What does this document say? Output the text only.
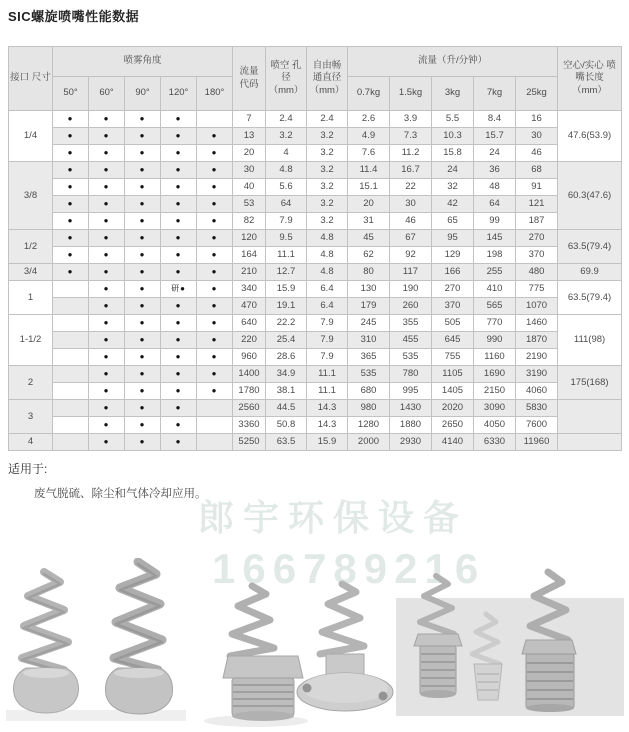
SIC螺旋喷嘴性能数据
接口 尺寸	喷雾角度					流量 代码	喷空 孔径 （mm）	自由畅 通直径 （mm）	流量（升/分钟）					空心/实心 喷嘴长度 （mm）
	50°	60°	90°	120°	180°				0.7kg	1.5kg	3kg	7kg	25kg	
1/4	●	●	●	●		7	2.4	2.4	2.6	3.9	5.5	8.4	16	47.6(53.9)
	●	●	●	●	●	13	3.2	3.2	4.9	7.3	10.3	15.7	30	
	●	●	●	●	●	20	4	3.2	7.6	11.2	15.8	24	46	
3/8	●	●	●	●	●	30	4.8	3.2	11.4	16.7	24	36	68	60.3(47.6)
	●	●	●	●	●	40	5.6	3.2	15.1	22	32	48	91	
	●	●	●	●	●	53	64	3.2	20	30	42	64	121	
	●	●	●	●	●	82	7.9	3.2	31	46	65	99	187	
1/2	●	●	●	●	●	120	9.5	4.8	45	67	95	145	270	63.5(79.4)
	●	●	●	●	●	164	11.1	4.8	62	92	129	198	370	
3/4	●	●	●	●	●	210	12.7	4.8	80	117	166	255	480	69.9
1		●	●	研●	●	340	15.9	6.4	130	190	270	410	775	63.5(79.4)
		●	●	●	●	470	19.1	6.4	179	260	370	565	1070	
1-1/2		●	●	●	●	640	22.2	7.9	245	355	505	770	1460	111(98)
		●	●	●	●	220	25.4	7.9	310	455	645	990	1870	
		●	●	●	●	960	28.6	7.9	365	535	755	1160	2190	
2		●	●	●	●	1400	34.9	11.1	535	780	1105	1690	3190	175(168)
		●	●	●	●	1780	38.1	11.1	680	995	1405	2150	4060	
3		●	●	●		2560	44.5	14.3	980	1430	2020	3090	5830	
		●	●	●		3360	50.8	14.3	1280	1880	2650	4050	7600	
4		●	●	●		5250	63.5	15.9	2000	2930	4140	6330	11960	
适用于:
废气脱硫、除尘和气体冷却应用。
郎宇环保设备
166789216
